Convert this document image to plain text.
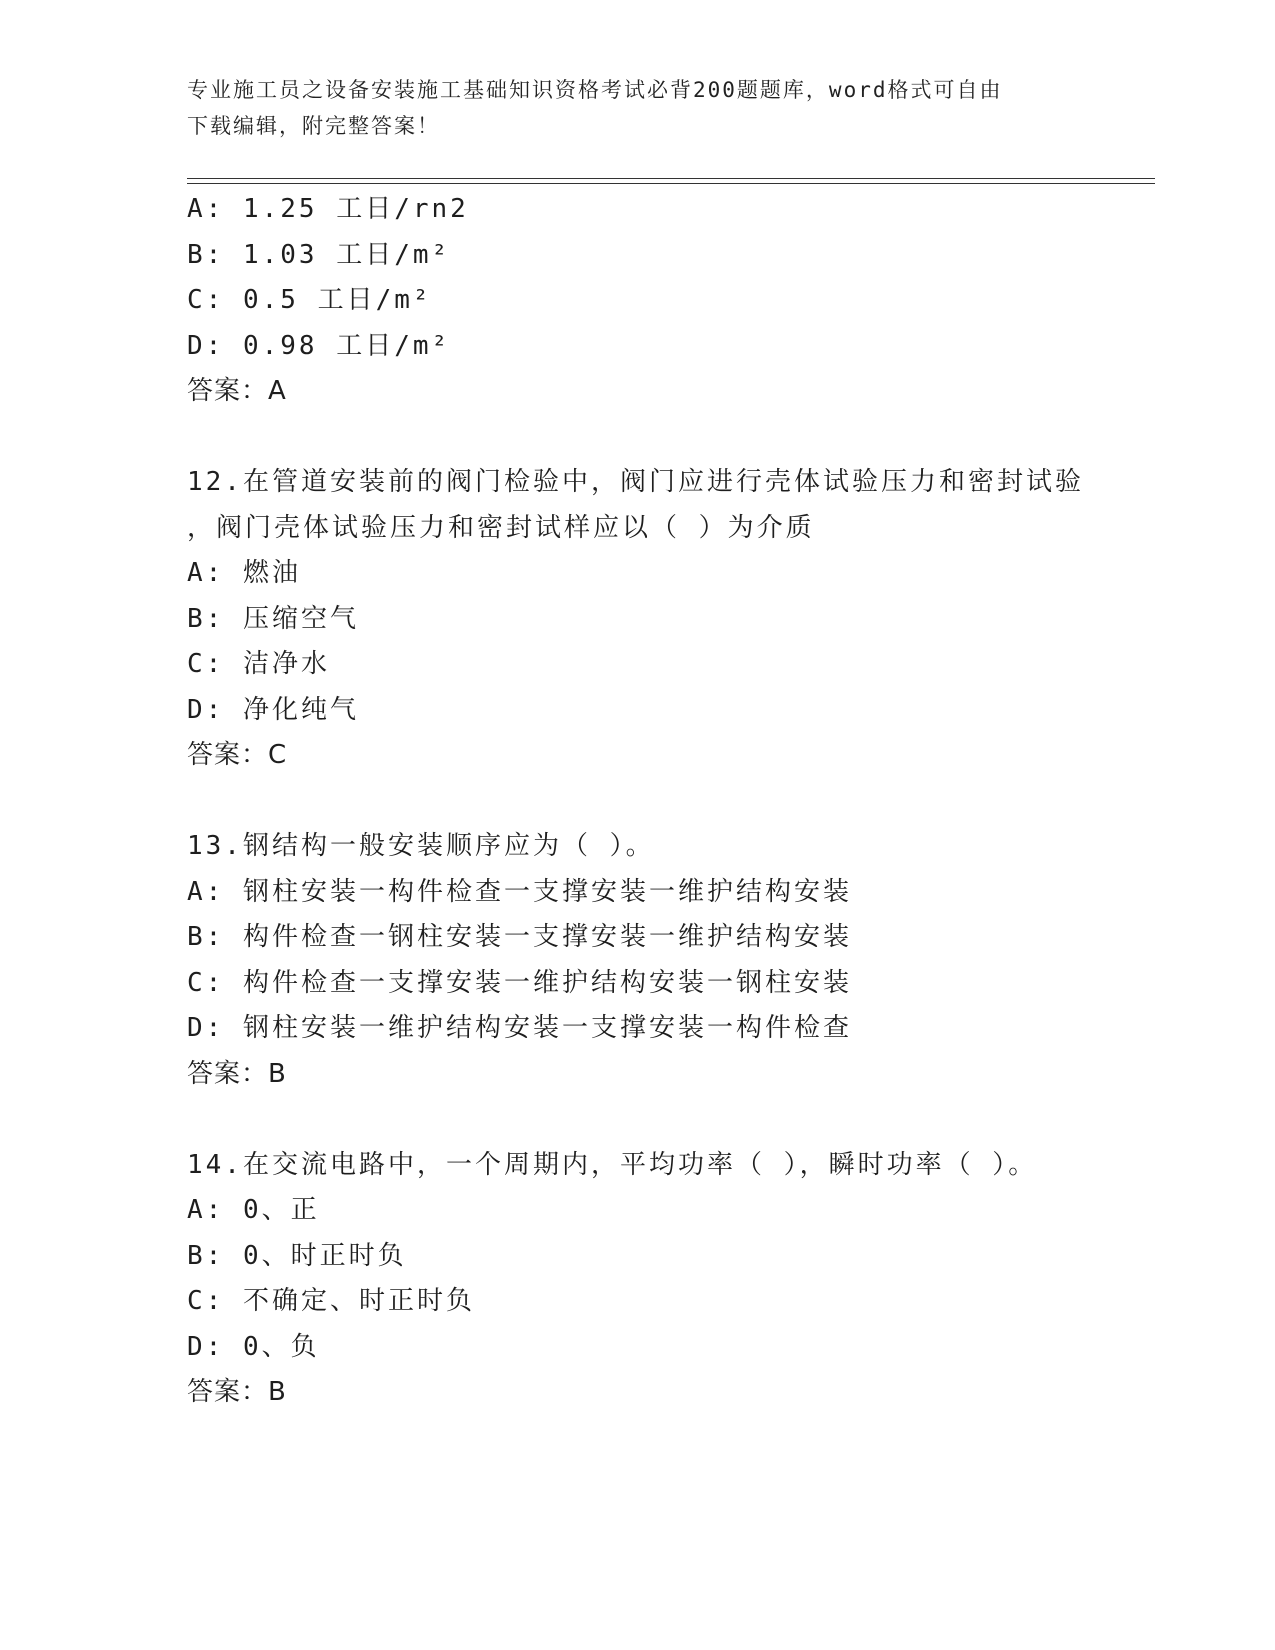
专业施工员之设备安装施工基础知识资格考试必背200题题库，word格式可自由
下载编辑，附完整答案！
A: 1.25 工日/rn2
B: 1.03 工日/m²
C: 0.5 工日/m²
D: 0.98 工日/m²
答案：A
12.在管道安装前的阀门检验中，阀门应进行壳体试验压力和密封试验
，阀门壳体试验压力和密封试样应以（ ）为介质
A: 燃油
B: 压缩空气
C: 洁净水
D: 净化纯气
答案：C
13.钢结构一般安装顺序应为（ ）。
A: 钢柱安装一构件检查一支撑安装一维护结构安装
B: 构件检查一钢柱安装一支撑安装一维护结构安装
C: 构件检查一支撑安装一维护结构安装一钢柱安装
D: 钢柱安装一维护结构安装一支撑安装一构件检查
答案：B
14.在交流电路中，一个周期内，平均功率（ ），瞬时功率（ ）。
A: 0、正
B: 0、时正时负
C: 不确定、时正时负
D: 0、负
答案：B
